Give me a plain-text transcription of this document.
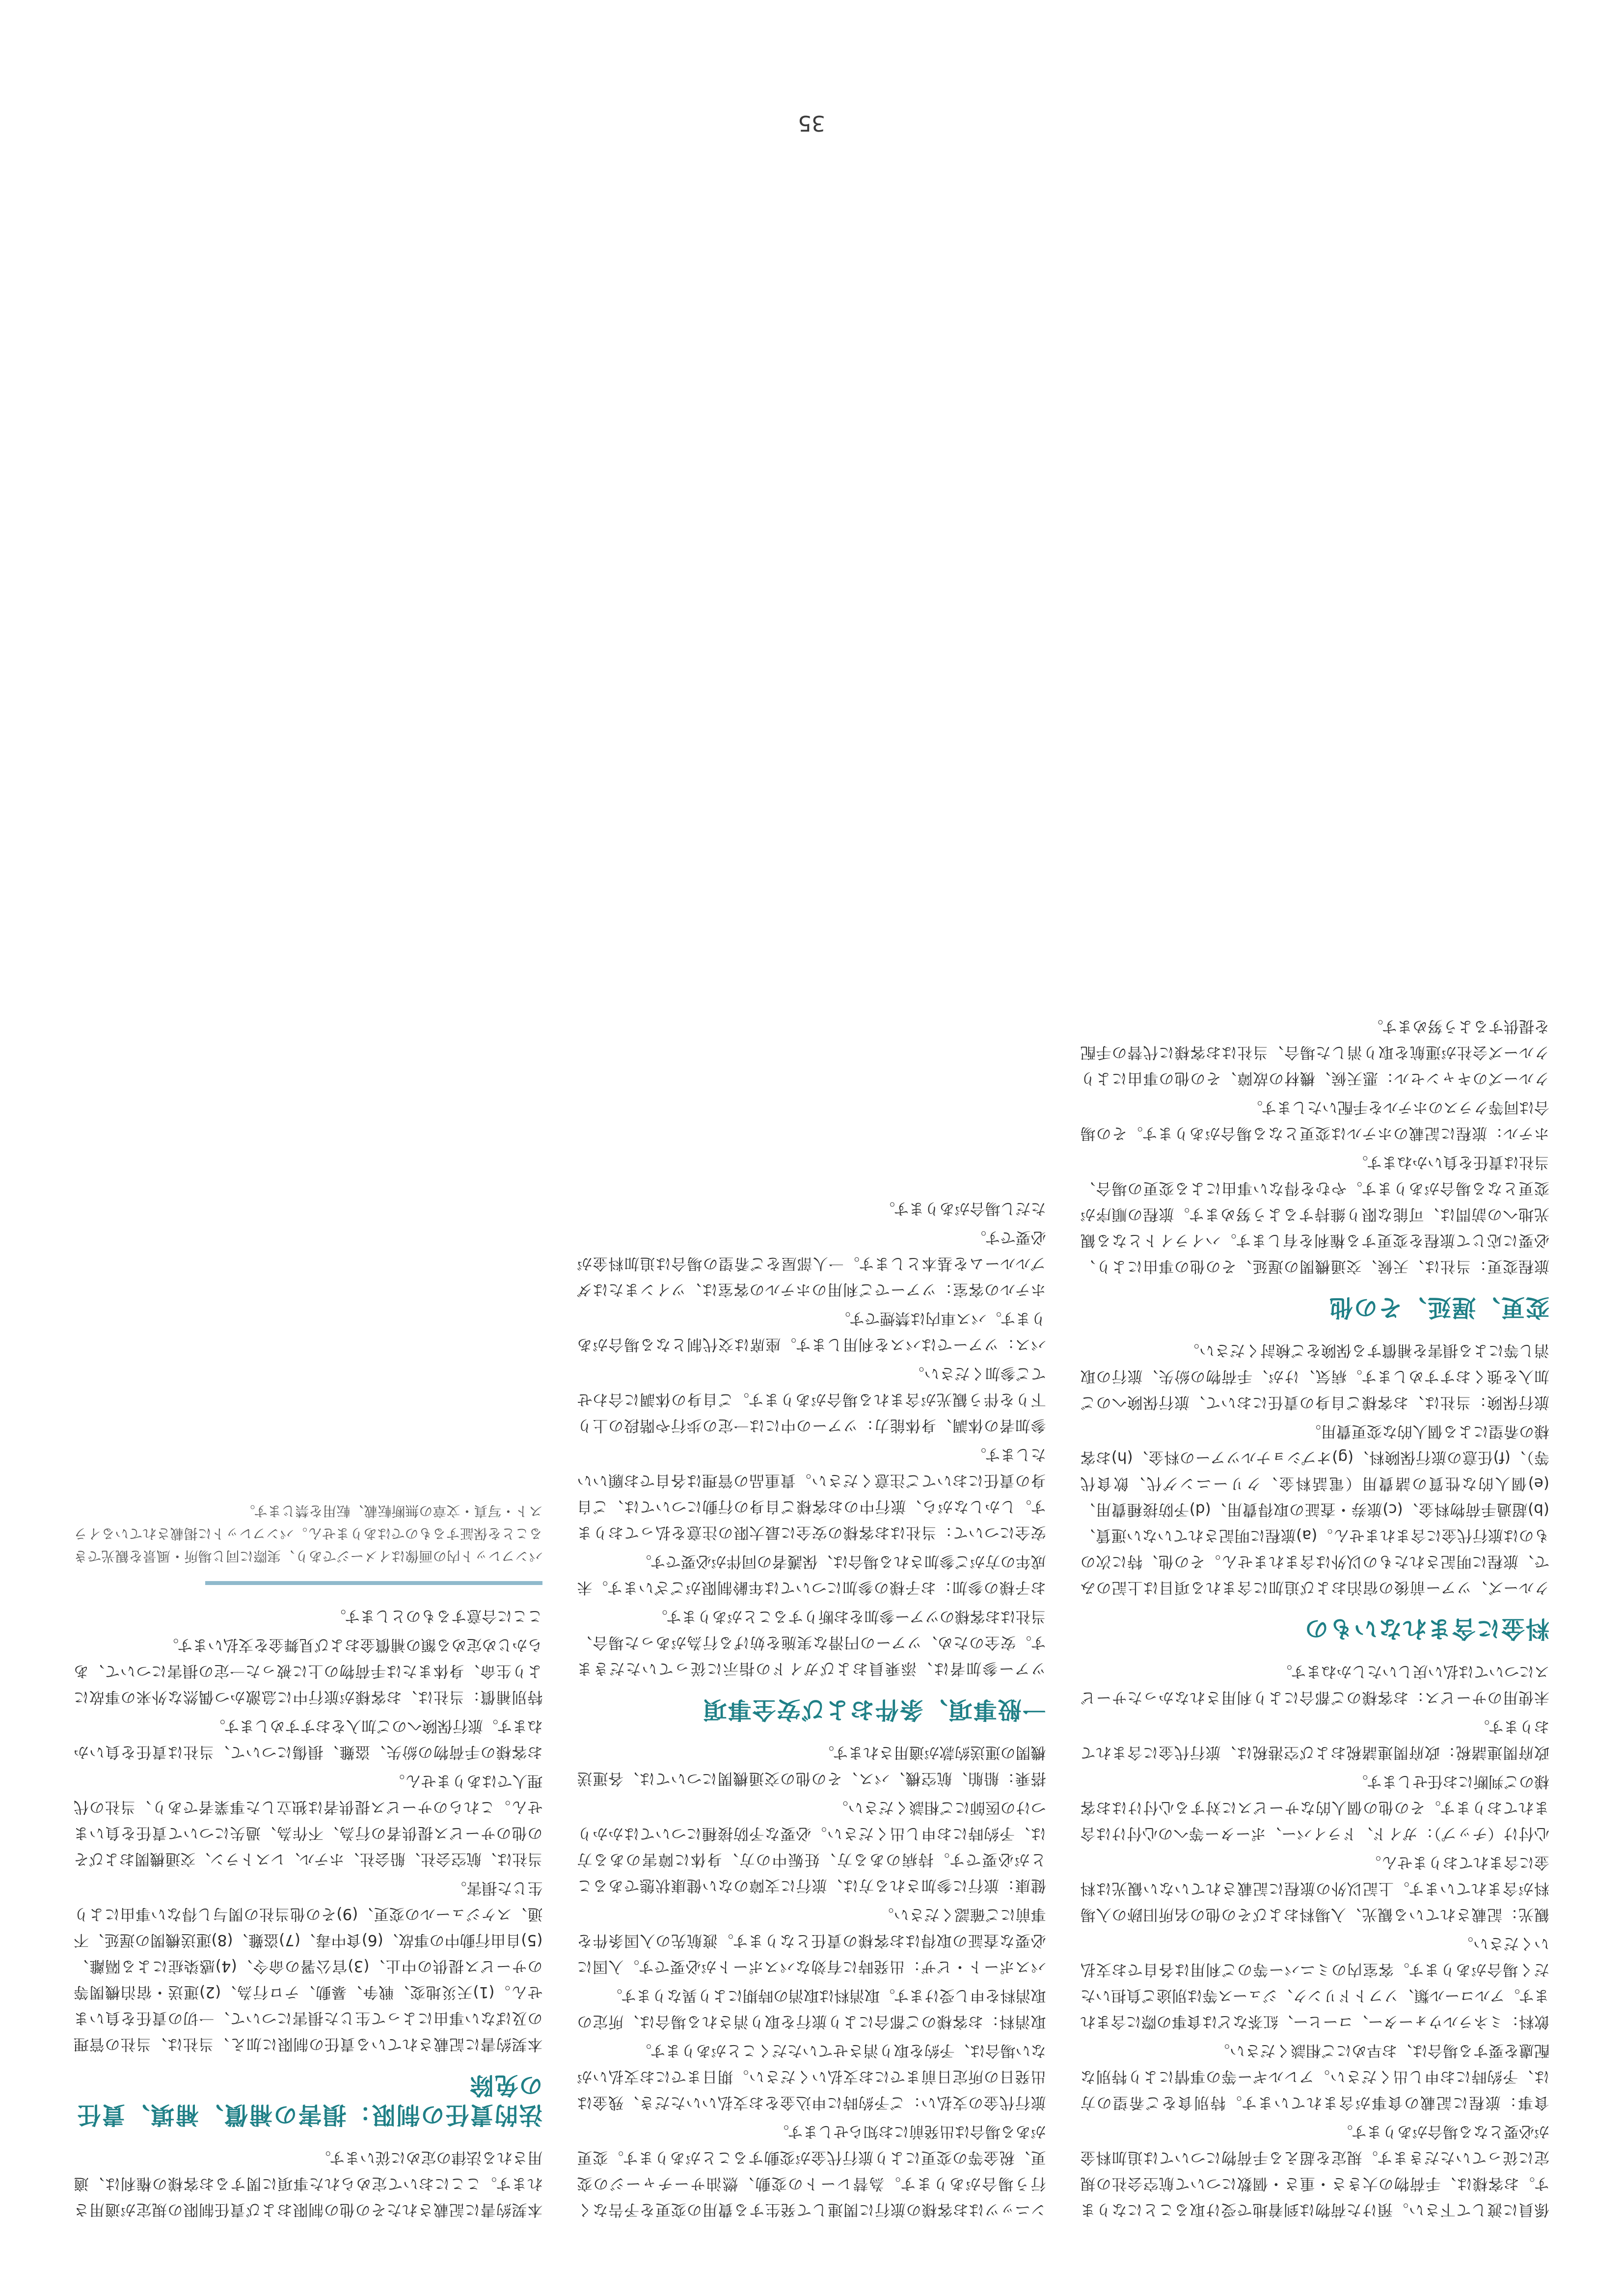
係員に渡して下さい。預けた荷物は到着地で受け取ることになります。お客様は、手荷物の大きさ・重さ・個数について航空会社の規定に従っていただきます。規定を超える手荷物については追加料金が必要となる場合があります。

食事：旅程に記載の食事が含まれています。特別食をご希望の方は、予約時にお申し出ください。アレルギー等の事情により特別な配慮を要する場合は、お早めにご相談ください。

飲料：ミネラルウォーター、コーヒー、紅茶などは食事の際に含まれます。アルコール類、ソフトドリンク、ジュース等は別途ご負担いただく場合があります。客室内のミニバー等のご利用は各自でお支払いください。

観光：記載されている観光、入場料およびその他の名所旧跡の入場料が含まれています。上記以外の旅程に記載されていない観光は料金に含まれておりません。

心付け（チップ）：ガイド、ドライバー、ポーター等への心付けは含まれております。その他の個人的なサービスに対する心付けはお客様のご判断にお任せします。

政府関連諸税：政府関連諸税および空港税は、旅行代金に含まれております。

未使用のサービス：お客様のご都合により利用されなかったサービスについては払い戻しいたしかねます。

料金に含まれないもの

クルーズ、ツアー前後の宿泊および追加に含まれる項目は上記のみで、旅程に明記されたもの以外は含まれません。その他、特に次のものは旅行代金に含まれません。(a)旅程に明記されていない運賃、(b)超過手荷物料金、(c)旅券・査証の取得費用、(d)予防接種費用、(e)個人的な性質の諸費用（電話料金、クリーニング代、飲食代等）、(f)任意の旅行保険料、(g)オプショナルツアーの料金、(h)お客様の希望による個人的な変更費用。

旅行保険：当社は、お客様ご自身の責任において、旅行保険へのご加入を強くおすすめします。病気、けが、手荷物の紛失、旅行の取消し等による損害を補償する保険をご検討ください。

変更、遅延、その他

旅程変更：当社は、天候、交通機関の遅延、その他の事由により、必要に応じて旅程を変更する権利を有します。ハイライトとなる観光地への訪問は、可能な限り維持するよう努めます。旅程の順序が変更となる場合があります。やむを得ない事由による変更の場合、当社は責任を負いかねます。

ホテル：旅程に記載のホテルは変更となる場合があります。その場合は同等クラスのホテルを手配いたします。

クルーズのキャンセル：悪天候、機材の故障、その他の事由によりクルーズ会社が運航を取り消した場合、当社はお客様に代替の手配を提供するよう努めます。

ンニッツはお客様の旅行に関連して発生する費用の変更を予告なく行う場合があります。為替レートの変動、燃油サーチャージの変更、税金等の変更により旅行代金が変動することがあります。変更がある場合は出発前にお知らせします。

旅行代金の支払い：ご予約時に申込金をお支払いいただき、残金は出発日の所定日前までにお支払いください。期日までにお支払いがない場合は、予約を取り消させていただくことがあります。

取消料：お客様のご都合により旅行を取り消される場合は、所定の取消料を申し受けます。取消料は取消の時期により異なります。

パスポート・ビザ：出発時に有効なパスポートが必要です。入国に必要な査証の取得はお客様の責任となります。渡航先の入国条件を事前にご確認ください。

健康：旅行に参加される方は、旅行に支障のない健康状態であることが必要です。持病のある方、妊娠中の方、身体に障害のある方は、予約時にお申し出ください。必要な予防接種についてはかかりつけの医師にご相談ください。

搭乗：船舶、航空機、バス、その他の交通機関については、各運送機関の運送約款が適用されます。

一般事項、条件および安全事項

ツアー参加者は、添乗員およびガイドの指示に従っていただきます。安全のため、ツアーの円滑な実施を妨げる行為があった場合、当社はお客様のツアー参加をお断りすることがあります。

お子様の参加：お子様の参加については年齢制限がございます。未成年の方がご参加される場合は、保護者の同伴が必要です。

安全について：当社はお客様の安全に最大限の注意を払っております。しかしながら、旅行中のお客様ご自身の行動については、ご自身の責任においてご注意ください。貴重品の管理は各自でお願いいたします。

参加者の体調、身体能力：ツアーの中には一定の歩行や階段の上り下りを伴う観光が含まれる場合があります。ご自身の体調に合わせてご参加ください。

バス：ツアーではバスを利用します。座席は交代制となる場合があります。バス車内は禁煙です。

ホテルの客室：ツアーでご利用のホテルの客室は、ツインまたはダブルルームを基本とします。一人部屋をご希望の場合は追加料金が必要です。

ただし場合があります。

本契約書に記載されたその他の制限および責任制限の規定が適用されます。ここにおいて定められた事項に関するお客様の権利は、適用される法律の定めに従います。

法的責任の制限：損害の補償、補填、責任の免除

本契約書に記載されている責任の制限に加え、当社は、当社の管理の及ばない事由によって生じた損害について、一切の責任を負いません。(1)天災地変、戦争、暴動、テロ行為、(2)運送・宿泊機関等のサービス提供の中止、(3)官公署の命令、(4)感染症による隔離、(5)自由行動中の事故、(6)食中毒、(7)盗難、(8)運送機関の遅延、不通、スケジュールの変更、(9)その他当社の関与し得ない事由により生じた損害。

当社は、航空会社、船会社、ホテル、レストラン、交通機関およびその他のサービス提供者の行為、不作為、過失について責任を負いません。これらのサービス提供者は独立した事業者であり、当社の代理人ではありません。

お客様の手荷物の紛失、盗難、損傷について、当社は責任を負いかねます。旅行保険へのご加入をおすすめします。

特別補償：当社は、お客様が旅行中に急激かつ偶然な外来の事故により生命、身体または手荷物の上に被った一定の損害について、あらかじめ定める額の補償金および見舞金を支払います。

ここに合意するものとします。

パンフレット内の画像はイメージであり、実際に同じ場所・風景を観光できることを保証するものではありません。パンフレットに掲載されているイラスト・写真・文章の無断転載、転用を禁じます。

35
